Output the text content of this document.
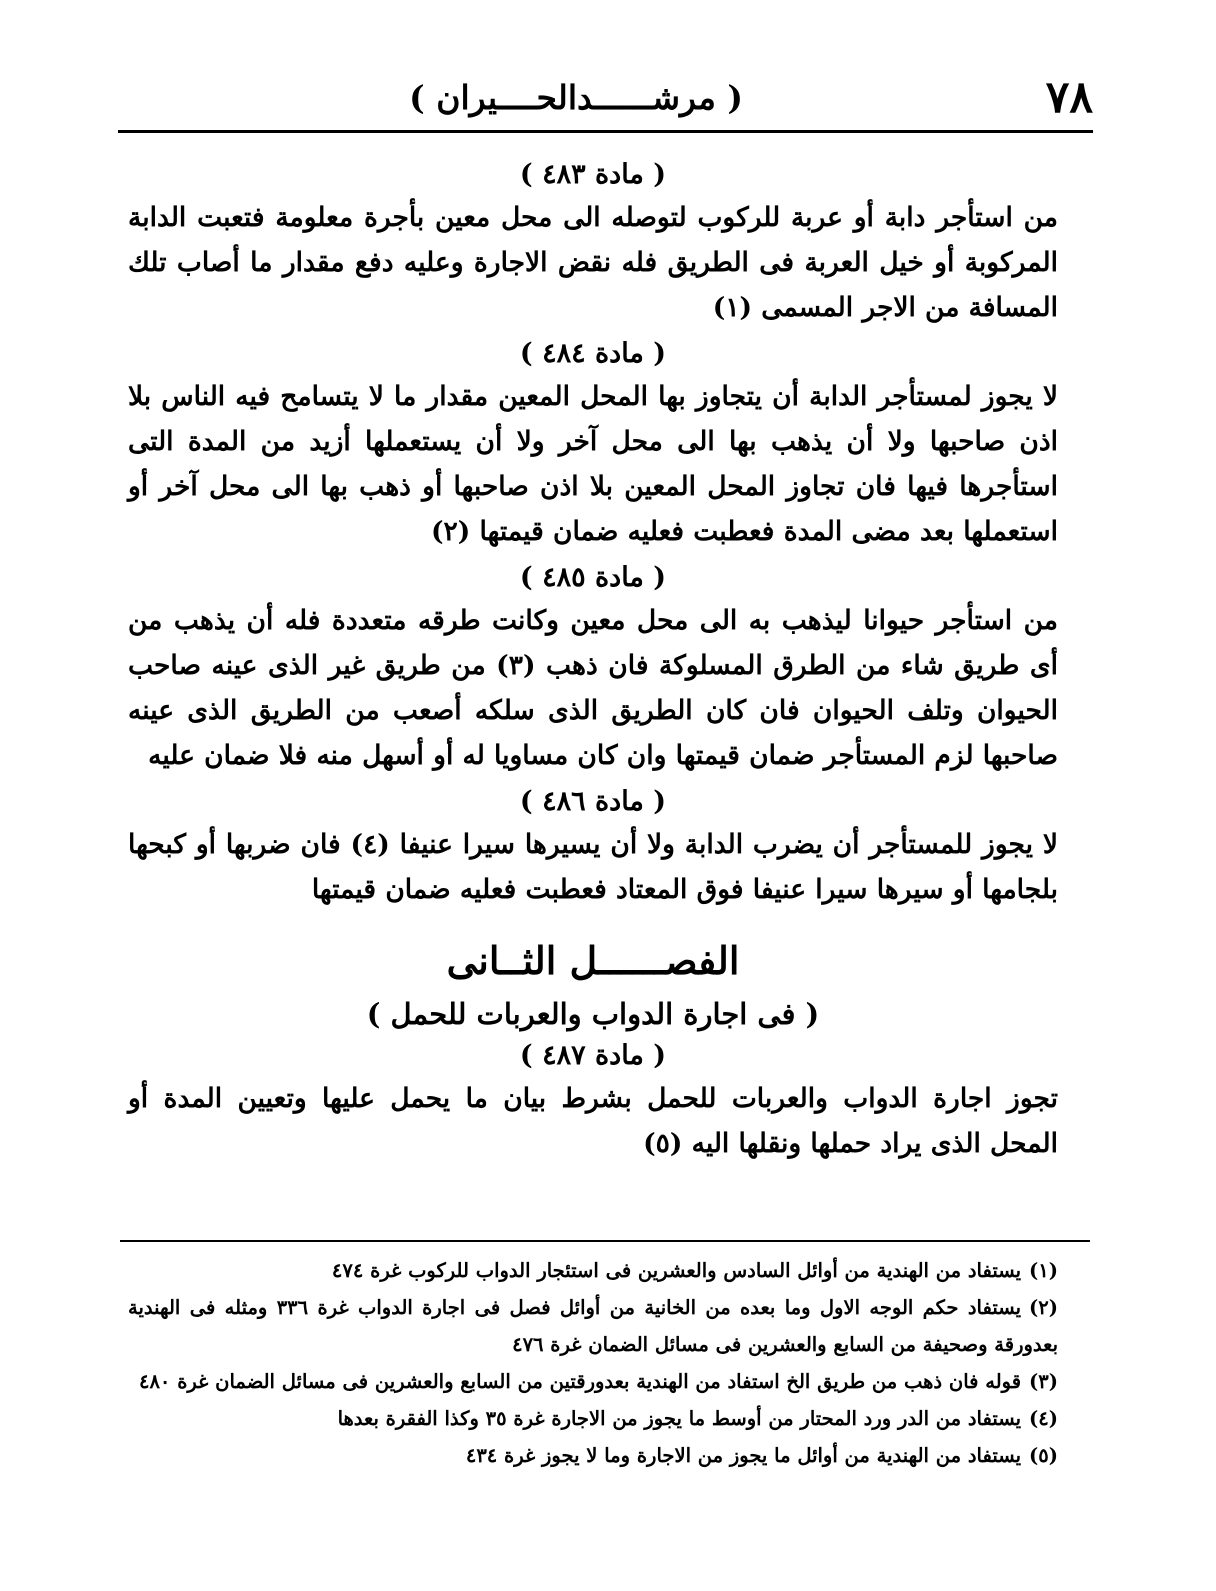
٧٨
( مرشــــــدالحــــيران )
( مادة ٤٨٣ )

من استأجر دابة أو عربة للركوب لتوصله الى محل معين بأجرة معلومة فتعبت الدابة المركوبة أو خيل العربة فى الطريق فله نقض الاجارة وعليه دفع مقدار ما أصاب تلك المسافة من الاجر المسمى (١)

( مادة ٤٨٤ )

لا يجوز لمستأجر الدابة أن يتجاوز بها المحل المعين مقدار ما لا يتسامح فيه الناس بلا اذن صاحبها ولا أن يذهب بها الى محل آخر ولا أن يستعملها أزيد من المدة التى استأجرها فيها فان تجاوز المحل المعين بلا اذن صاحبها أو ذهب بها الى محل آخر أو استعملها بعد مضى المدة فعطبت فعليه ضمان قيمتها (٢)

( مادة ٤٨٥ )

من استأجر حيوانا ليذهب به الى محل معين وكانت طرقه متعددة فله أن يذهب من أى طريق شاء من الطرق المسلوكة فان ذهب (٣) من طريق غير الذى عينه صاحب الحيوان وتلف الحيوان فان كان الطريق الذى سلكه أصعب من الطريق الذى عينه صاحبها لزم المستأجر ضمان قيمتها وان كان مساويا له أو أسهل منه فلا ضمان عليه

( مادة ٤٨٦ )

لا يجوز للمستأجر أن يضرب الدابة ولا أن يسيرها سيرا عنيفا (٤) فان ضربها أو كبحها بلجامها أو سيرها سيرا عنيفا فوق المعتاد فعطبت فعليه ضمان قيمتها

الفصــــــل الثــانى
( فى اجارة الدواب والعربات للحمل )
( مادة ٤٨٧ )

تجوز اجارة الدواب والعربات للحمل بشرط بيان ما يحمل عليها وتعيين المدة أو المحل الذى يراد حملها ونقلها اليه (٥)

(١)يستفاد من الهندية من أوائل السادس والعشرين فى استئجار الدواب للركوب غرة ٤٧٤

(٢)يستفاد حكم الوجه الاول وما بعده من الخانية من أوائل فصل فى اجارة الدواب غرة ٣٣٦ ومثله فى الهندية بعدورقة وصحيفة من السابع والعشرين فى مسائل الضمان غرة ٤٧٦

(٣)قوله فان ذهب من طريق الخ استفاد من الهندية بعدورقتين من السابع والعشرين فى مسائل الضمان غرة ٤٨٠

(٤)يستفاد من الدر ورد المحتار من أوسط ما يجوز من الاجارة غرة ٣٥ وكذا الفقرة بعدها

(٥)يستفاد من الهندية من أوائل ما يجوز من الاجارة وما لا يجوز غرة ٤٣٤
